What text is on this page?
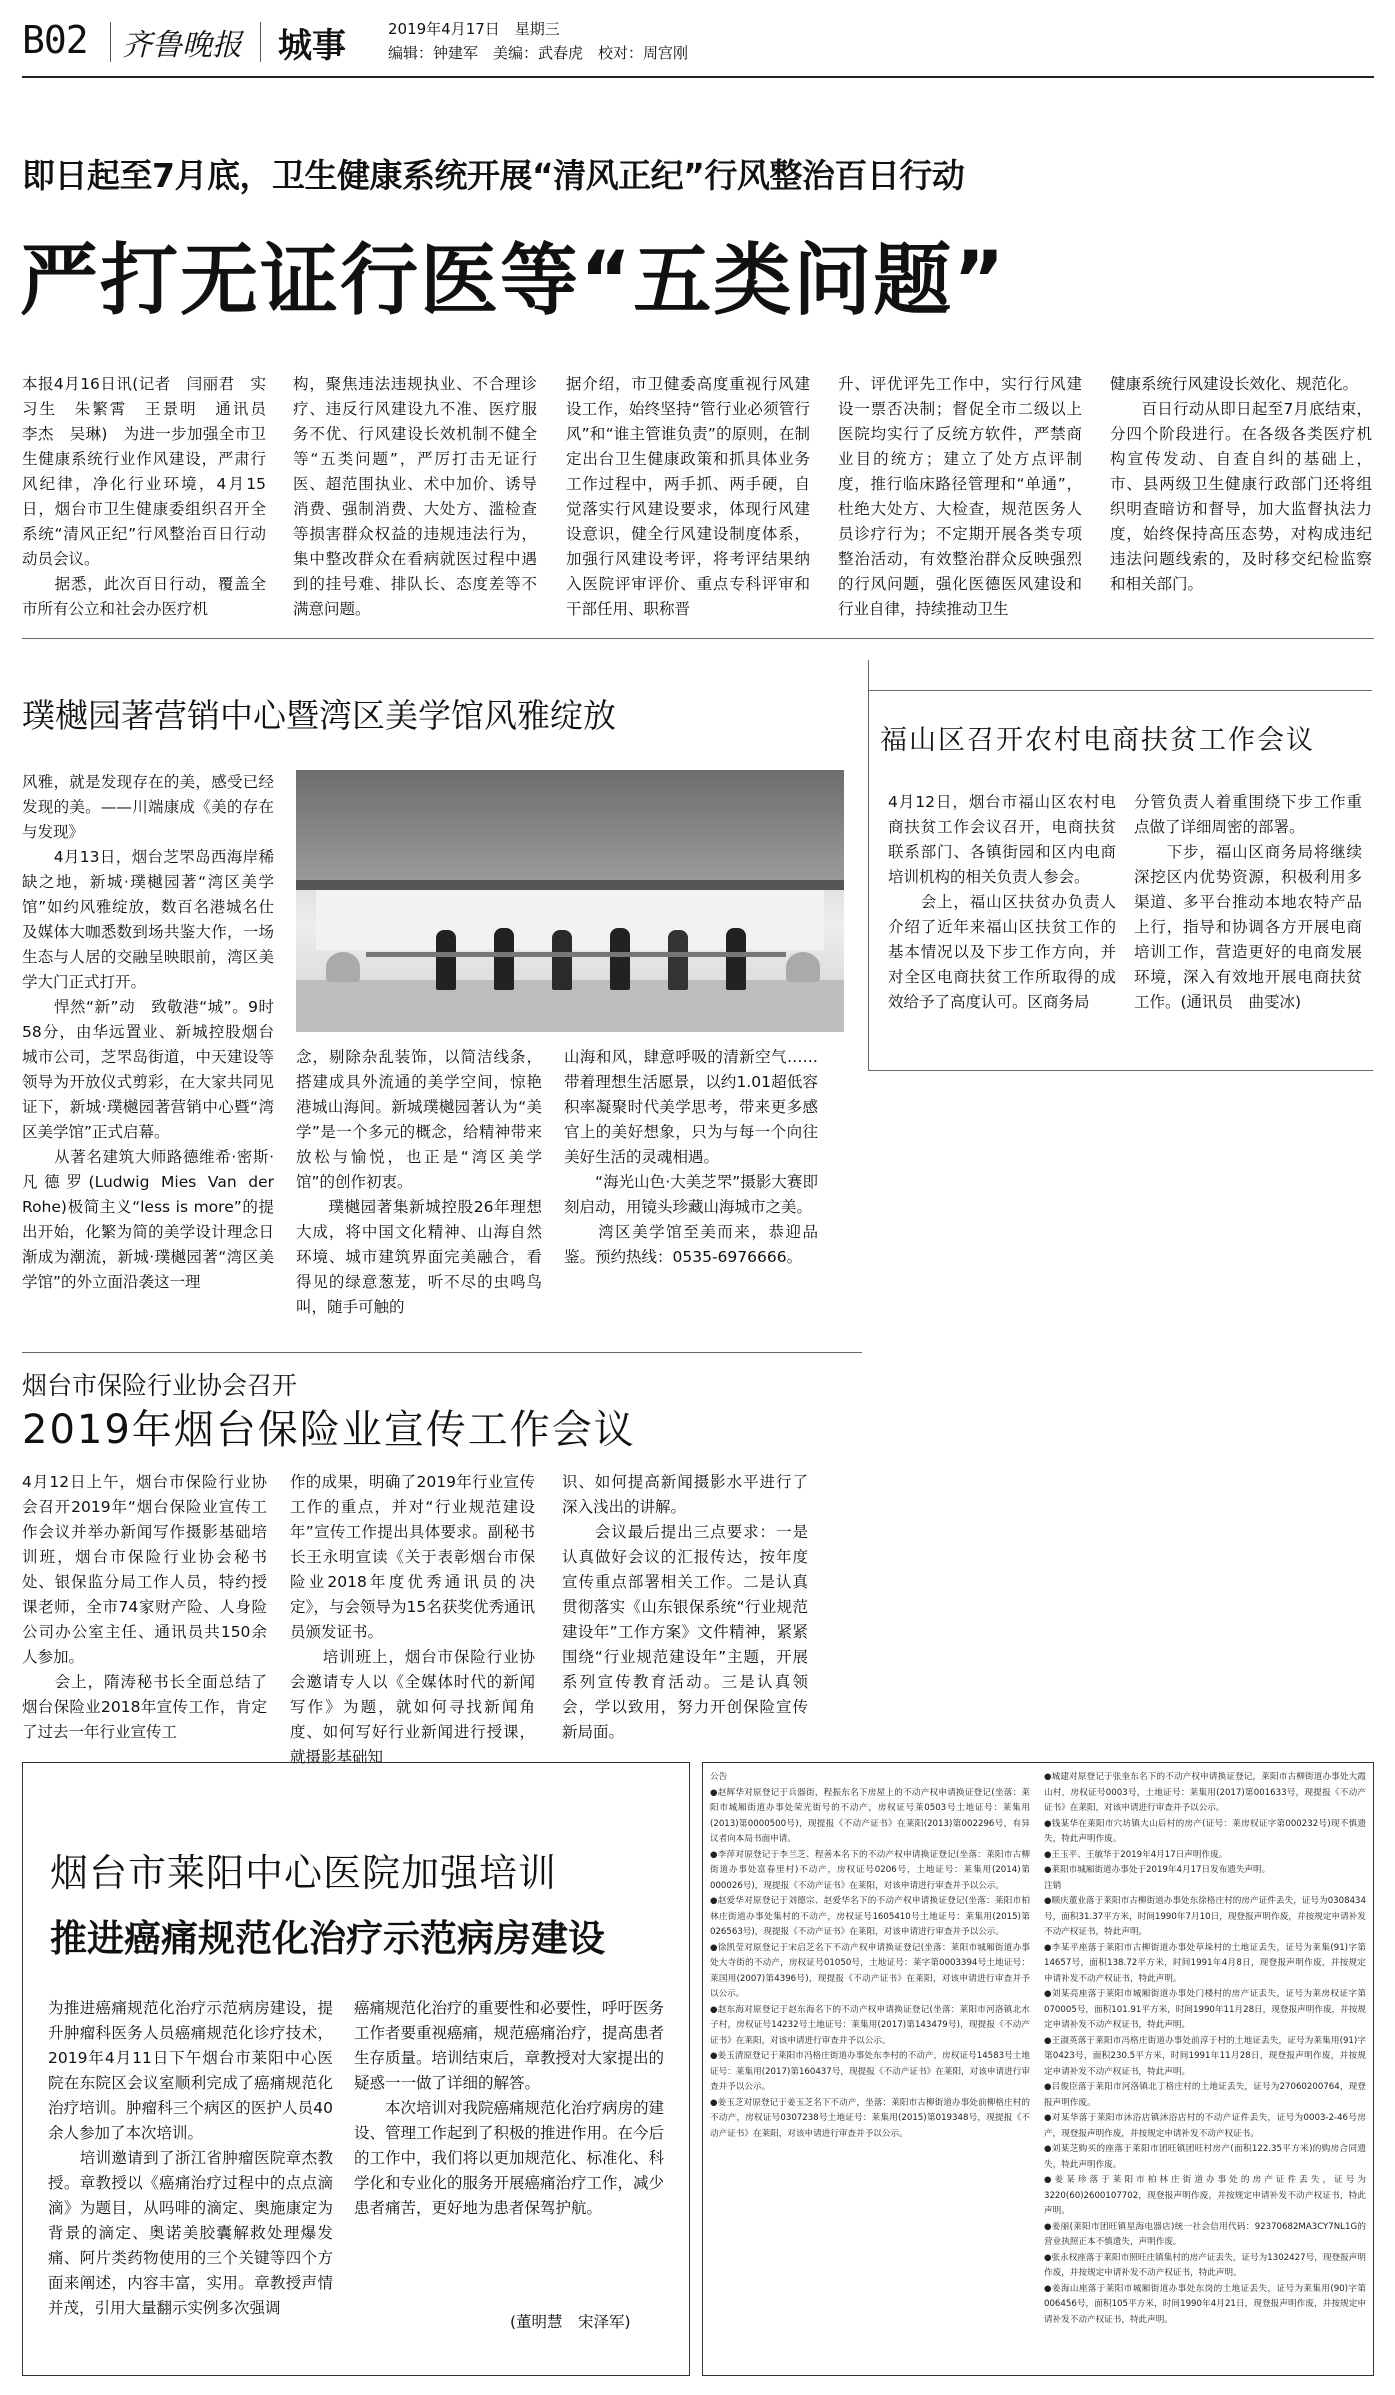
B02 齐鲁晚报 城事	2019年4月17日　星期三
编辑：钟建军　美编：武春虎　校对：周宫刚
即日起至7月底，卫生健康系统开展“清风正纪”行风整治百日行动
严打无证行医等“五类问题”
本报4月16日讯(记者　闫丽君　实习生　朱繁霄　王景明　通讯员　李杰　吴琳)　为进一步加强全市卫生健康系统行业作风建设，严肃行风纪律，净化行业环境，4月15日，烟台市卫生健康委组织召开全系统“清风正纪”行风整治百日行动动员会议。
　　据悉，此次百日行动，覆盖全市所有公立和社会办医疗机
构，聚焦违法违规执业、不合理诊疗、违反行风建设九不准、医疗服务不优、行风建设长效机制不健全等“五类问题”，严厉打击无证行医、超范围执业、术中加价、诱导消费、强制消费、大处方、滥检查等损害群众权益的违规违法行为，集中整改群众在看病就医过程中遇到的挂号难、排队长、态度差等不满意问题。
据介绍，市卫健委高度重视行风建设工作，始终坚持“管行业必须管行风”和“谁主管谁负责”的原则，在制定出台卫生健康政策和抓具体业务工作过程中，两手抓、两手硬，自觉落实行风建设要求，体现行风建设意识，健全行风建设制度体系，加强行风建设考评，将考评结果纳入医院评审评价、重点专科评审和干部任用、职称晋
升、评优评先工作中，实行行风建设一票否决制；督促全市二级以上医院均实行了反统方软件，严禁商业目的统方；建立了处方点评制度，推行临床路径管理和“单通”，杜绝大处方、大检查，规范医务人员诊疗行为；不定期开展各类专项整治活动，有效整治群众反映强烈的行风问题，强化医德医风建设和行业自律，持续推动卫生
健康系统行风建设长效化、规范化。
　　百日行动从即日起至7月底结束，分四个阶段进行。在各级各类医疗机构宣传发动、自查自纠的基础上，市、县两级卫生健康行政部门还将组织明查暗访和督导，加大监督执法力度，始终保持高压态势，对构成违纪违法问题线索的，及时移交纪检监察和相关部门。
璞樾园著营销中心暨湾区美学馆风雅绽放
风雅，就是发现存在的美，感受已经发现的美。——川端康成《美的存在与发现》
　　4月13日，烟台芝罘岛西海岸稀缺之地，新城·璞樾园著“湾区美学馆”如约风雅绽放，数百名港城名仕及媒体大咖悉数到场共鉴大作，一场生态与人居的交融呈映眼前，湾区美学大门正式打开。
　　悍然“新”动　致敬港“城”。9时58分，由华远置业、新城控股烟台城市公司，芝罘岛街道，中天建设等领导为开放仪式剪彩，在大家共同见证下，新城·璞樾园著营销中心暨“湾区美学馆”正式启幕。
　　从著名建筑大师路德维希·密斯·凡德罗(Ludwig Mies Van der Rohe)极简主义“less is more”的提出开始，化繁为简的美学设计理念日渐成为潮流，新城·璞樾园著“湾区美学馆”的外立面沿袭这一理
念，剔除杂乱装饰，以简洁线条，搭建成具外流通的美学空间，惊艳港城山海间。新城璞樾园著认为“美学”是一个多元的概念，给精神带来放松与愉悦，也正是“湾区美学馆”的创作初衷。
　　璞樾园著集新城控股26年理想大成，将中国文化精神、山海自然环境、城市建筑界面完美融合，看得见的绿意葱茏，听不尽的虫鸣鸟叫，随手可触的
山海和风，肆意呼吸的清新空气……带着理想生活愿景，以约1.01超低容积率凝聚时代美学思考，带来更多感官上的美好想象，只为与每一个向往美好生活的灵魂相遇。
　　“海光山色·大美芝罘”摄影大赛即刻启动，用镜头珍藏山海城市之美。
　　湾区美学馆至美而来，恭迎品鉴。预约热线：0535-6976666。
福山区召开农村电商扶贫工作会议
4月12日，烟台市福山区农村电商扶贫工作会议召开，电商扶贫联系部门、各镇街园和区内电商培训机构的相关负责人参会。
　　会上，福山区扶贫办负责人介绍了近年来福山区扶贫工作的基本情况以及下步工作方向，并对全区电商扶贫工作所取得的成效给予了高度认可。区商务局
分管负责人着重围绕下步工作重点做了详细周密的部署。
　　下步，福山区商务局将继续深挖区内优势资源，积极利用多渠道、多平台推动本地农特产品上行，指导和协调各方开展电商培训工作，营造更好的电商发展环境，深入有效地开展电商扶贫工作。(通讯员　曲雯冰)
烟台市保险行业协会召开
2019年烟台保险业宣传工作会议
4月12日上午，烟台市保险行业协会召开2019年“烟台保险业宣传工作会议并举办新闻写作摄影基础培训班，烟台市保险行业协会秘书处、银保监分局工作人员，特约授课老师，全市74家财产险、人身险公司办公室主任、通讯员共150余人参加。
　　会上，隋涛秘书长全面总结了烟台保险业2018年宣传工作，肯定了过去一年行业宣传工
作的成果，明确了2019年行业宣传工作的重点，并对“行业规范建设年”宣传工作提出具体要求。副秘书长王永明宣读《关于表彰烟台市保险业2018年度优秀通讯员的决定》，与会领导为15名获奖优秀通讯员颁发证书。
　　培训班上，烟台市保险行业协会邀请专人以《全媒体时代的新闻写作》为题，就如何寻找新闻角度、如何写好行业新闻进行授课，就摄影基础知
识、如何提高新闻摄影水平进行了深入浅出的讲解。
　　会议最后提出三点要求：一是认真做好会议的汇报传达，按年度宣传重点部署相关工作。二是认真贯彻落实《山东银保系统“行业规范建设年”工作方案》文件精神，紧紧围绕“行业规范建设年”主题，开展系列宣传教育活动。三是认真领会，学以致用，努力开创保险宣传新局面。
烟台市莱阳中心医院加强培训
推进癌痛规范化治疗示范病房建设
为推进癌痛规范化治疗示范病房建设，提升肿瘤科医务人员癌痛规范化诊疗技术，2019年4月11日下午烟台市莱阳中心医院在东院区会议室顺利完成了癌痛规范化治疗培训。肿瘤科三个病区的医护人员40余人参加了本次培训。
　　培训邀请到了浙江省肿瘤医院章杰教授。章教授以《癌痛治疗过程中的点点滴滴》为题目，从吗啡的滴定、奥施康定为背景的滴定、奥诺美胶囊解救处理爆发痛、阿片类药物使用的三个关键等四个方面来阐述，内容丰富，实用。章教授声情并茂，引用大量翻示实例多次强调
癌痛规范化治疗的重要性和必要性，呼吁医务工作者要重视癌痛，规范癌痛治疗，提高患者生存质量。培训结束后，章教授对大家提出的疑惑一一做了详细的解答。
　　本次培训对我院癌痛规范化治疗病房的建设、管理工作起到了积极的推进作用。在今后的工作中，我们将以更加规范化、标准化、科学化和专业化的服务开展癌痛治疗工作，减少患者痛苦，更好地为患者保驾护航。
(董明慧　宋泽军)
公告
●赵辉华对原登记于兵器街，程振东名下房屋上的不动产权申请换证登记(坐落：莱阳市城厢街道办事处荣光街号的不动产，房权证号莱0503号土地证号：莱集用(2013)第0000500号)，现提报《不动产证书》在莱阳(2013)第002296号，有异议者向本局书面申请。
●李萍对原登记于李兰芝、程善本名下的不动产权申请换证登记(坐落：莱阳市古柳街道办事处富春里村)不动产，房权证号0206号，土地证号：莱集用(2014)第000026号)，现提报《不动产证书》在莱阳，对该申请进行审查并予以公示。
●赵爱华对原登记于刘德宗、赵爱华名下的不动产权申请换证登记(坐落：莱阳市柏林庄街道办事处集村的不动产，房权证号1605410号土地证号：莱集用(2015)第026563号)，现提报《不动产证书》在莱阳，对该申请进行审查并予以公示。
●徐凯莹对原登记于宋启芝名下不动产权申请换证登记(坐落：莱阳市城厢街道办事处大寺街的不动产，房权证号01050号，土地证号：莱字第0003394号土地证号：莱国用(2007)第4396号)，现提报《不动产证书》在莱阳，对该申请进行审查并予以公示。
●赵东海对原登记于赵东海名下的不动产权申请换证登记(坐落：莱阳市河洛镇北水子村，房权证号14232号土地证号：莱集用(2017)第143479号)，现提报《不动产证书》在莱阳，对该申请进行审查并予以公示。
●姜玉清原登记于莱阳市冯格庄街道办事处东李村的不动产，房权证号14583号土地证号：莱集用(2017)第160437号，现提报《不动产证书》在莱阳，对该申请进行审查并予以公示。
●姜玉芝对原登记于姜玉芝名下不动产，坐落：莱阳市古柳街道办事处前柳格庄村的不动产，房权证号0307238号土地证号：莱集用(2015)第019348号，现提报《不动产证书》在莱阳，对该申请进行审查并予以公示。
●城建对原登记于张奎东名下的不动产权申请换证登记，莱阳市古柳街道办事处大霞山村，房权证号0003号，土地证号：莱集用(2017)第001633号，现提报《不动产证书》在莱阳，对该申请进行审查并予以公示。
●钱某华在莱阳市穴坊镇大山后村的房产(证号：莱房权证字第000232号)现不慎遗失，特此声明作废。
●王玉平、王敏华于2019年4月17日声明作废。
●莱阳市城厢街道办事处于2019年4月17日发布遗失声明。
注销
●顺庆董业落于莱阳市古柳街道办事处东徐格庄村的房产证件丢失，证号为0308434号，面积31.37平方米，时间1990年7月10日，现登报声明作废，并按规定申请补发不动产权证书，特此声明。
●李某平座落于莱阳市古柳街道办事处草垛村的土地证丢失，证号为莱集(91)字第14657号，面积138.72平方米，时间1991年4月8日，现登报声明作废，并按规定申请补发不动产权证书，特此声明。
●刘某亮座落于莱阳市城厢街道办事处门楼村的房产证丢失，证号为莱房权证字第070005号，面积101.91平方米，时间1990年11月28日，现登报声明作废，并按规定申请补发不动产权证书，特此声明。
●王淑英落于莱阳市冯格庄街道办事处前淳于村的土地证丢失，证号为莱集用(91)字第0423号，面积230.5平方米，时间1991年11月28日，现登报声明作废，并按规定申请补发不动产权证书，特此声明。
●吕俊臣落于莱阳市河洛镇北丁格庄村的土地证丢失，证号为27060200764，现登报声明作废。
●对某华落于莱阳市沐浴店镇沐浴店村的不动产证件丢失，证号为0003-2-46号房产，现登报声明作废，并按规定申请补发不动产权证书。
●刘某芝购买的座落于莱阳市团旺镇团旺村房产(面积122.35平方米)的购房合同遗失，特此声明作废。
●姜某珍落于莱阳市柏林庄街道办事处的房产证件丢失，证号为3220(60)2600107702，现登报声明作废，并按规定申请补发不动产权证书，特此声明。
●姜丽(莱阳市团旺镇星海电器店)统一社会信用代码：92370682MA3CY7NL1G的营业执照正本不慎遗失，声明作废。
●张永权座落于莱阳市照旺庄镇集村的房产证丢失，证号为1302427号，现登报声明作废，并按规定申请补发不动产权证书，特此声明。
●姜海山座落于莱阳市城厢街道办事处东岗的土地证丢失，证号为莱集用(90)字第006456号，面积105平方米，时间1990年4月21日，现登报声明作废，并按规定申请补发不动产权证书，特此声明。
